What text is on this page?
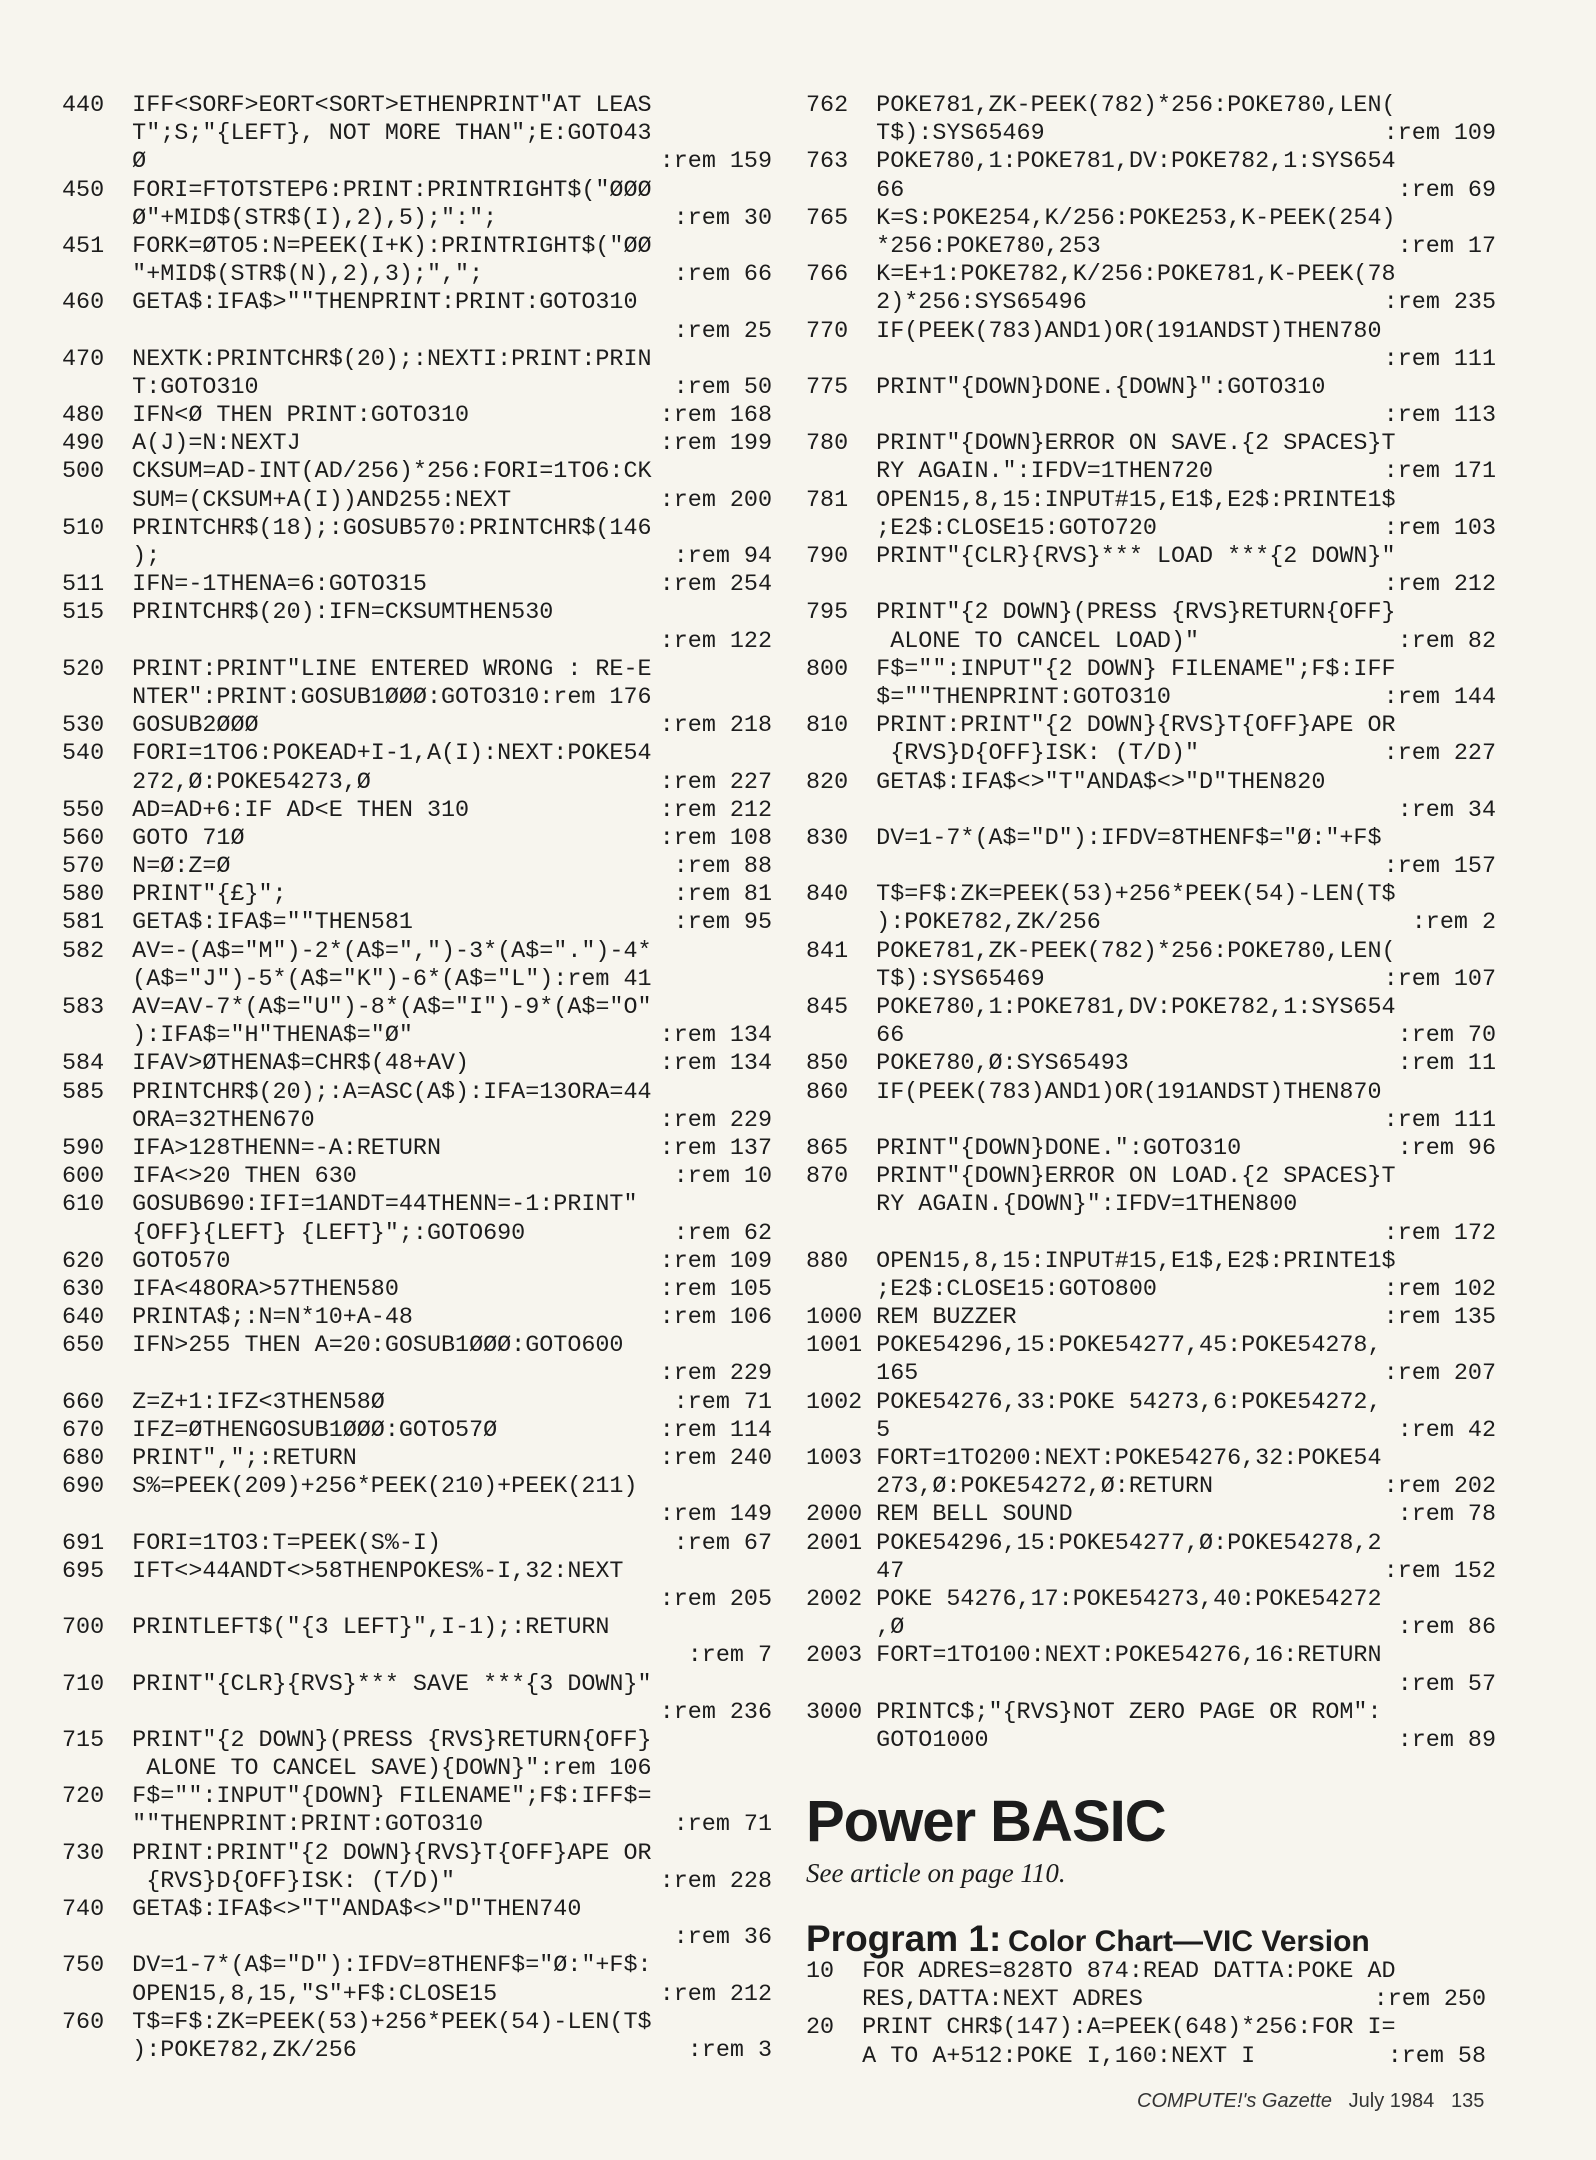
440  IFF<SORF>EORT<SORT>ETHENPRINT"AT LEAS
T";S;"{LEFT}, NOT MORE THAN";E:GOTO43
Ø	:rem 159
450  FORI=FTOTSTEP6:PRINT:PRINTRIGHT$("ØØØ
Ø"+MID$(STR$(I),2),5);":";	:rem 30
451  FORK=ØTO5:N=PEEK(I+K):PRINTRIGHT$("ØØ
"+MID$(STR$(N),2),3);",";	:rem 66
460  GETA$:IFA$>""THENPRINT:PRINT:GOTO310
:rem 25
470  NEXTK:PRINTCHR$(20);:NEXTI:PRINT:PRIN
T:GOTO310	:rem 50
480  IFN<Ø THEN PRINT:GOTO310	:rem 168
490  A(J)=N:NEXTJ	:rem 199
500  CKSUM=AD-INT(AD/256)*256:FORI=1TO6:CK
SUM=(CKSUM+A(I))AND255:NEXT	:rem 200
510  PRINTCHR$(18);:GOSUB570:PRINTCHR$(146
);	:rem 94
511  IFN=-1THENA=6:GOTO315	:rem 254
515  PRINTCHR$(20):IFN=CKSUMTHEN530
:rem 122
520  PRINT:PRINT"LINE ENTERED WRONG : RE-E
NTER":PRINT:GOSUB1ØØØ:GOTO310:rem 176
530  GOSUB2ØØØ	:rem 218
540  FORI=1TO6:POKEAD+I-1,A(I):NEXT:POKE54
272,Ø:POKE54273,Ø	:rem 227
550  AD=AD+6:IF AD<E THEN 310	:rem 212
560  GOTO 71Ø	:rem 108
570  N=Ø:Z=Ø	:rem 88
580  PRINT"{£}";	:rem 81
581  GETA$:IFA$=""THEN581	:rem 95
582  AV=-(A$="M")-2*(A$=",")-3*(A$=".")-4*
(A$="J")-5*(A$="K")-6*(A$="L"):rem 41
583  AV=AV-7*(A$="U")-8*(A$="I")-9*(A$="O"
):IFA$="H"THENA$="Ø"	:rem 134
584  IFAV>ØTHENA$=CHR$(48+AV)	:rem 134
585  PRINTCHR$(20);:A=ASC(A$):IFA=13ORA=44
ORA=32THEN670	:rem 229
590  IFA>128THENN=-A:RETURN	:rem 137
600  IFA<>20 THEN 630	:rem 10
610  GOSUB690:IFI=1ANDT=44THENN=-1:PRINT"
{OFF}{LEFT} {LEFT}";:GOTO690	:rem 62
620  GOTO570	:rem 109
630  IFA<48ORA>57THEN580	:rem 105
640  PRINTA$;:N=N*10+A-48	:rem 106
650  IFN>255 THEN A=20:GOSUB1ØØØ:GOTO600
:rem 229
660  Z=Z+1:IFZ<3THEN58Ø	:rem 71
670  IFZ=ØTHENGOSUB1ØØØ:GOTO57Ø	:rem 114
680  PRINT",";:RETURN	:rem 240
690  S%=PEEK(209)+256*PEEK(210)+PEEK(211)
:rem 149
691  FORI=1TO3:T=PEEK(S%-I)	:rem 67
695  IFT<>44ANDT<>58THENPOKES%-I,32:NEXT
:rem 205
700  PRINTLEFT$("{3 LEFT}",I-1);:RETURN
:rem 7
710  PRINT"{CLR}{RVS}*** SAVE ***{3 DOWN}"
:rem 236
715  PRINT"{2 DOWN}(PRESS {RVS}RETURN{OFF}
ALONE TO CANCEL SAVE){DOWN}":rem 106
720  F$="":INPUT"{DOWN} FILENAME";F$:IFF$=
""THENPRINT:PRINT:GOTO310	:rem 71
730  PRINT:PRINT"{2 DOWN}{RVS}T{OFF}APE OR
{RVS}D{OFF}ISK: (T/D)"	:rem 228
740  GETA$:IFA$<>"T"ANDA$<>"D"THEN740
:rem 36
750  DV=1-7*(A$="D"):IFDV=8THENF$="Ø:"+F$:
OPEN15,8,15,"S"+F$:CLOSE15	:rem 212
760  T$=F$:ZK=PEEK(53)+256*PEEK(54)-LEN(T$
):POKE782,ZK/256	:rem 3
762  POKE781,ZK-PEEK(782)*256:POKE780,LEN(
T$):SYS65469	:rem 109
763  POKE780,1:POKE781,DV:POKE782,1:SYS654
66	:rem 69
765  K=S:POKE254,K/256:POKE253,K-PEEK(254)
*256:POKE780,253	:rem 17
766  K=E+1:POKE782,K/256:POKE781,K-PEEK(78
2)*256:SYS65496	:rem 235
770  IF(PEEK(783)AND1)OR(191ANDST)THEN780
:rem 111
775  PRINT"{DOWN}DONE.{DOWN}":GOTO310
:rem 113
780  PRINT"{DOWN}ERROR ON SAVE.{2 SPACES}T
RY AGAIN.":IFDV=1THEN720	:rem 171
781  OPEN15,8,15:INPUT#15,E1$,E2$:PRINTE1$
;E2$:CLOSE15:GOTO720	:rem 103
790  PRINT"{CLR}{RVS}*** LOAD ***{2 DOWN}"
:rem 212
795  PRINT"{2 DOWN}(PRESS {RVS}RETURN{OFF}
ALONE TO CANCEL LOAD)"	:rem 82
800  F$="":INPUT"{2 DOWN} FILENAME";F$:IFF
$=""THENPRINT:GOTO310	:rem 144
810  PRINT:PRINT"{2 DOWN}{RVS}T{OFF}APE OR
{RVS}D{OFF}ISK: (T/D)"	:rem 227
820  GETA$:IFA$<>"T"ANDA$<>"D"THEN820
:rem 34
830  DV=1-7*(A$="D"):IFDV=8THENF$="Ø:"+F$
:rem 157
840  T$=F$:ZK=PEEK(53)+256*PEEK(54)-LEN(T$
):POKE782,ZK/256	:rem 2
841  POKE781,ZK-PEEK(782)*256:POKE780,LEN(
T$):SYS65469	:rem 107
845  POKE780,1:POKE781,DV:POKE782,1:SYS654
66	:rem 70
850  POKE780,Ø:SYS65493	:rem 11
860  IF(PEEK(783)AND1)OR(191ANDST)THEN870
:rem 111
865  PRINT"{DOWN}DONE.":GOTO310	:rem 96
870  PRINT"{DOWN}ERROR ON LOAD.{2 SPACES}T
RY AGAIN.{DOWN}":IFDV=1THEN800
:rem 172
880  OPEN15,8,15:INPUT#15,E1$,E2$:PRINTE1$
;E2$:CLOSE15:GOTO800	:rem 102
1000 REM BUZZER	:rem 135
1001 POKE54296,15:POKE54277,45:POKE54278,
165	:rem 207
1002 POKE54276,33:POKE 54273,6:POKE54272,
5	:rem 42
1003 FORT=1TO200:NEXT:POKE54276,32:POKE54
273,Ø:POKE54272,Ø:RETURN	:rem 202
2000 REM BELL SOUND	:rem 78
2001 POKE54296,15:POKE54277,Ø:POKE54278,2
47	:rem 152
2002 POKE 54276,17:POKE54273,40:POKE54272
,Ø	:rem 86
2003 FORT=1TO100:NEXT:POKE54276,16:RETURN
:rem 57
3000 PRINTC$;"{RVS}NOT ZERO PAGE OR ROM":
GOTO1000	:rem 89
Power BASIC

See article on page 110.

Program 1: Color Chart—VIC Version
10  FOR ADRES=828TO 874:READ DATTA:POKE AD
RES,DATTA:NEXT ADRES	:rem 250
20  PRINT CHR$(147):A=PEEK(648)*256:FOR I=
A TO A+512:POKE I,160:NEXT I	:rem 58
COMPUTE!'s Gazette July 1984 135
